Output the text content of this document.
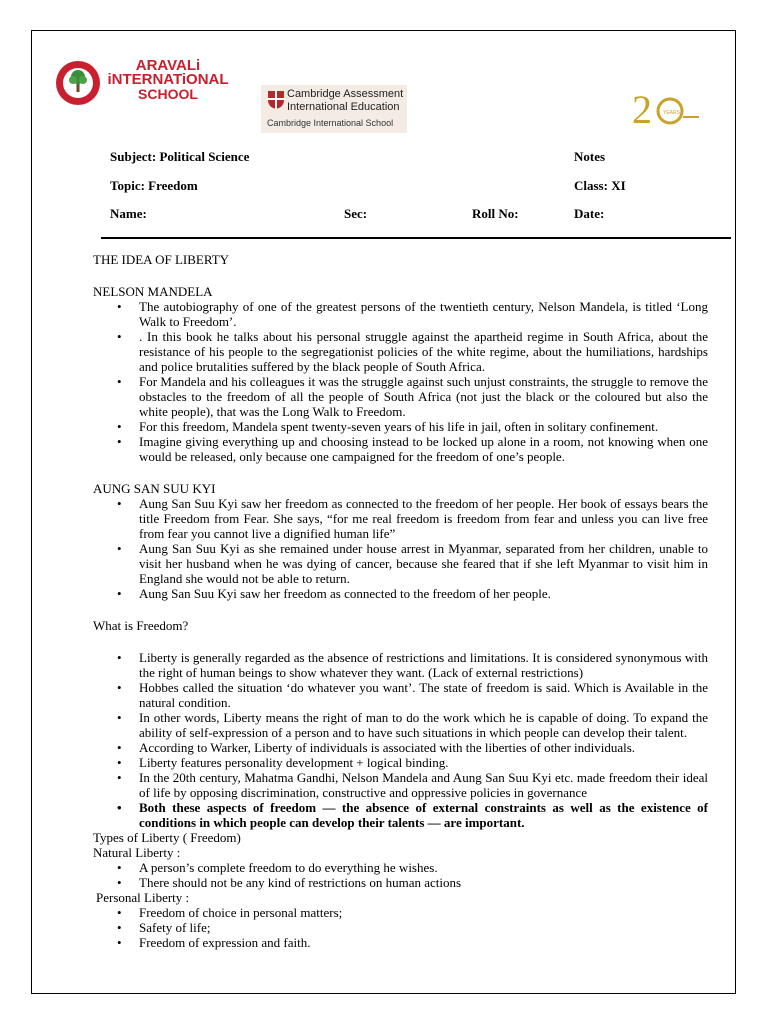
ARAVALi
iNTERNATiONAL
SCHOOL	Cambridge Assessment
International Education
Cambridge International School	2 YEARS
Subject: Political Science	Notes
Topic: Freedom	Class: XI
Name:	Sec:	Roll No:	Date:

THE IDEA OF LIBERTY

NELSON MANDELA

• The autobiography of one of the greatest persons of the twentieth century, Nelson Mandela, is titled ‘Long Walk to Freedom’.
• . In this book he talks about his personal struggle against the apartheid regime in South Africa, about the resistance of his people to the segregationist policies of the white regime, about the humiliations, hardships and police brutalities suffered by the black people of South Africa.
• For Mandela and his colleagues it was the struggle against such unjust constraints, the struggle to remove the obstacles to the freedom of all the people of South Africa (not just the black or the coloured but also the white people), that was the Long Walk to Freedom.
• For this freedom, Mandela spent twenty-seven years of his life in jail, often in solitary confinement.
• Imagine giving everything up and choosing instead to be locked up alone in a room, not knowing when one would be released, only because one campaigned for the freedom of one’s people.

AUNG SAN SUU KYI

• Aung San Suu Kyi saw her freedom as connected to the freedom of her people. Her book of essays bears the title Freedom from Fear. She says, “for me real freedom is freedom from fear and unless you can live free from fear you cannot live a dignified human life”
• Aung San Suu Kyi as she remained under house arrest in Myanmar, separated from her children, unable to visit her husband when he was dying of cancer, because she feared that if she left Myanmar to visit him in England she would not be able to return.
• Aung San Suu Kyi saw her freedom as connected to the freedom of her people.

What is Freedom?

• Liberty is generally regarded as the absence of restrictions and limitations. It is considered synonymous with the right of human beings to show whatever they want. (Lack of external restrictions)
• Hobbes called the situation ‘do whatever you want’. The state of freedom is said. Which is Available in the natural condition.
• In other words, Liberty means the right of man to do the work which he is capable of doing. To expand the ability of self-expression of a person and to have such situations in which people can develop their talent.
• According to Warker, Liberty of individuals is associated with the liberties of other individuals.
• Liberty features personality development + logical binding.
• In the 20th century, Mahatma Gandhi, Nelson Mandela and Aung San Suu Kyi etc. made freedom their ideal of life by opposing discrimination, constructive and oppressive policies in governance
• Both these aspects of freedom — the absence of external constraints as well as the existence of conditions in which people can develop their talents — are important.

Types of Liberty ( Freedom)

Natural Liberty :

• A person’s complete freedom to do everything he wishes.
• There should not be any kind of restrictions on human actions

Personal Liberty :

• Freedom of choice in personal matters;
• Safety of life;
• Freedom of expression and faith.
